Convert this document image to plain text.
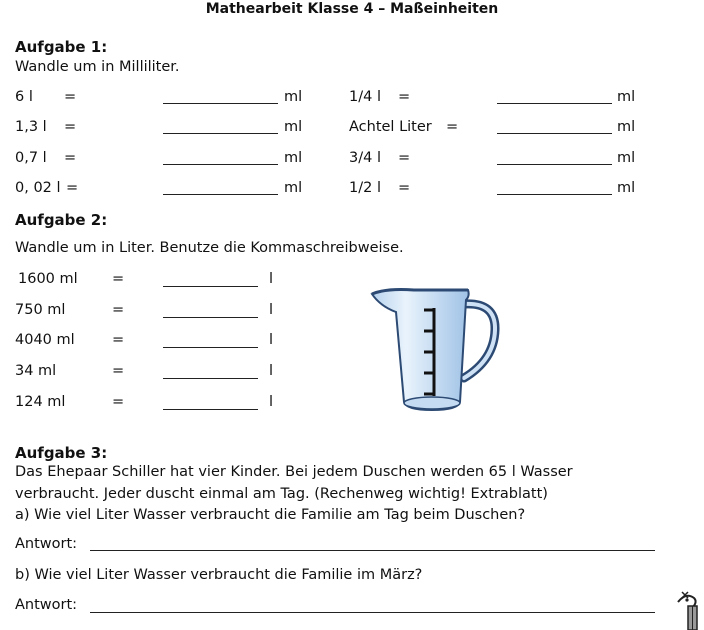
Mathearbeit Klasse 4 – Maßeinheiten
Aufgabe 1:
Wandle um in Milliliter.
6 l =	ml	1/4 l =	ml
1,3 l =	ml	Achtel Liter =	ml
0,7 l =	ml	3/4 l =	ml
0, 02 l =	ml	1/2 l =	ml
Aufgabe 2:
Wandle um in Liter. Benutze die Kommaschreibweise.
1600 ml =	l
750 ml	=	l
4040 ml	=	l
34 ml	=	l
124 ml	=	l
Aufgabe 3:
Das Ehepaar Schiller hat vier Kinder. Bei jedem Duschen werden 65 l Wasser
verbraucht. Jeder duscht einmal am Tag. (Rechenweg wichtig! Extrablatt)
a) Wie viel Liter Wasser verbraucht die Familie am Tag beim Duschen?
Antwort:
b) Wie viel Liter Wasser verbraucht die Familie im März?
Antwort:
